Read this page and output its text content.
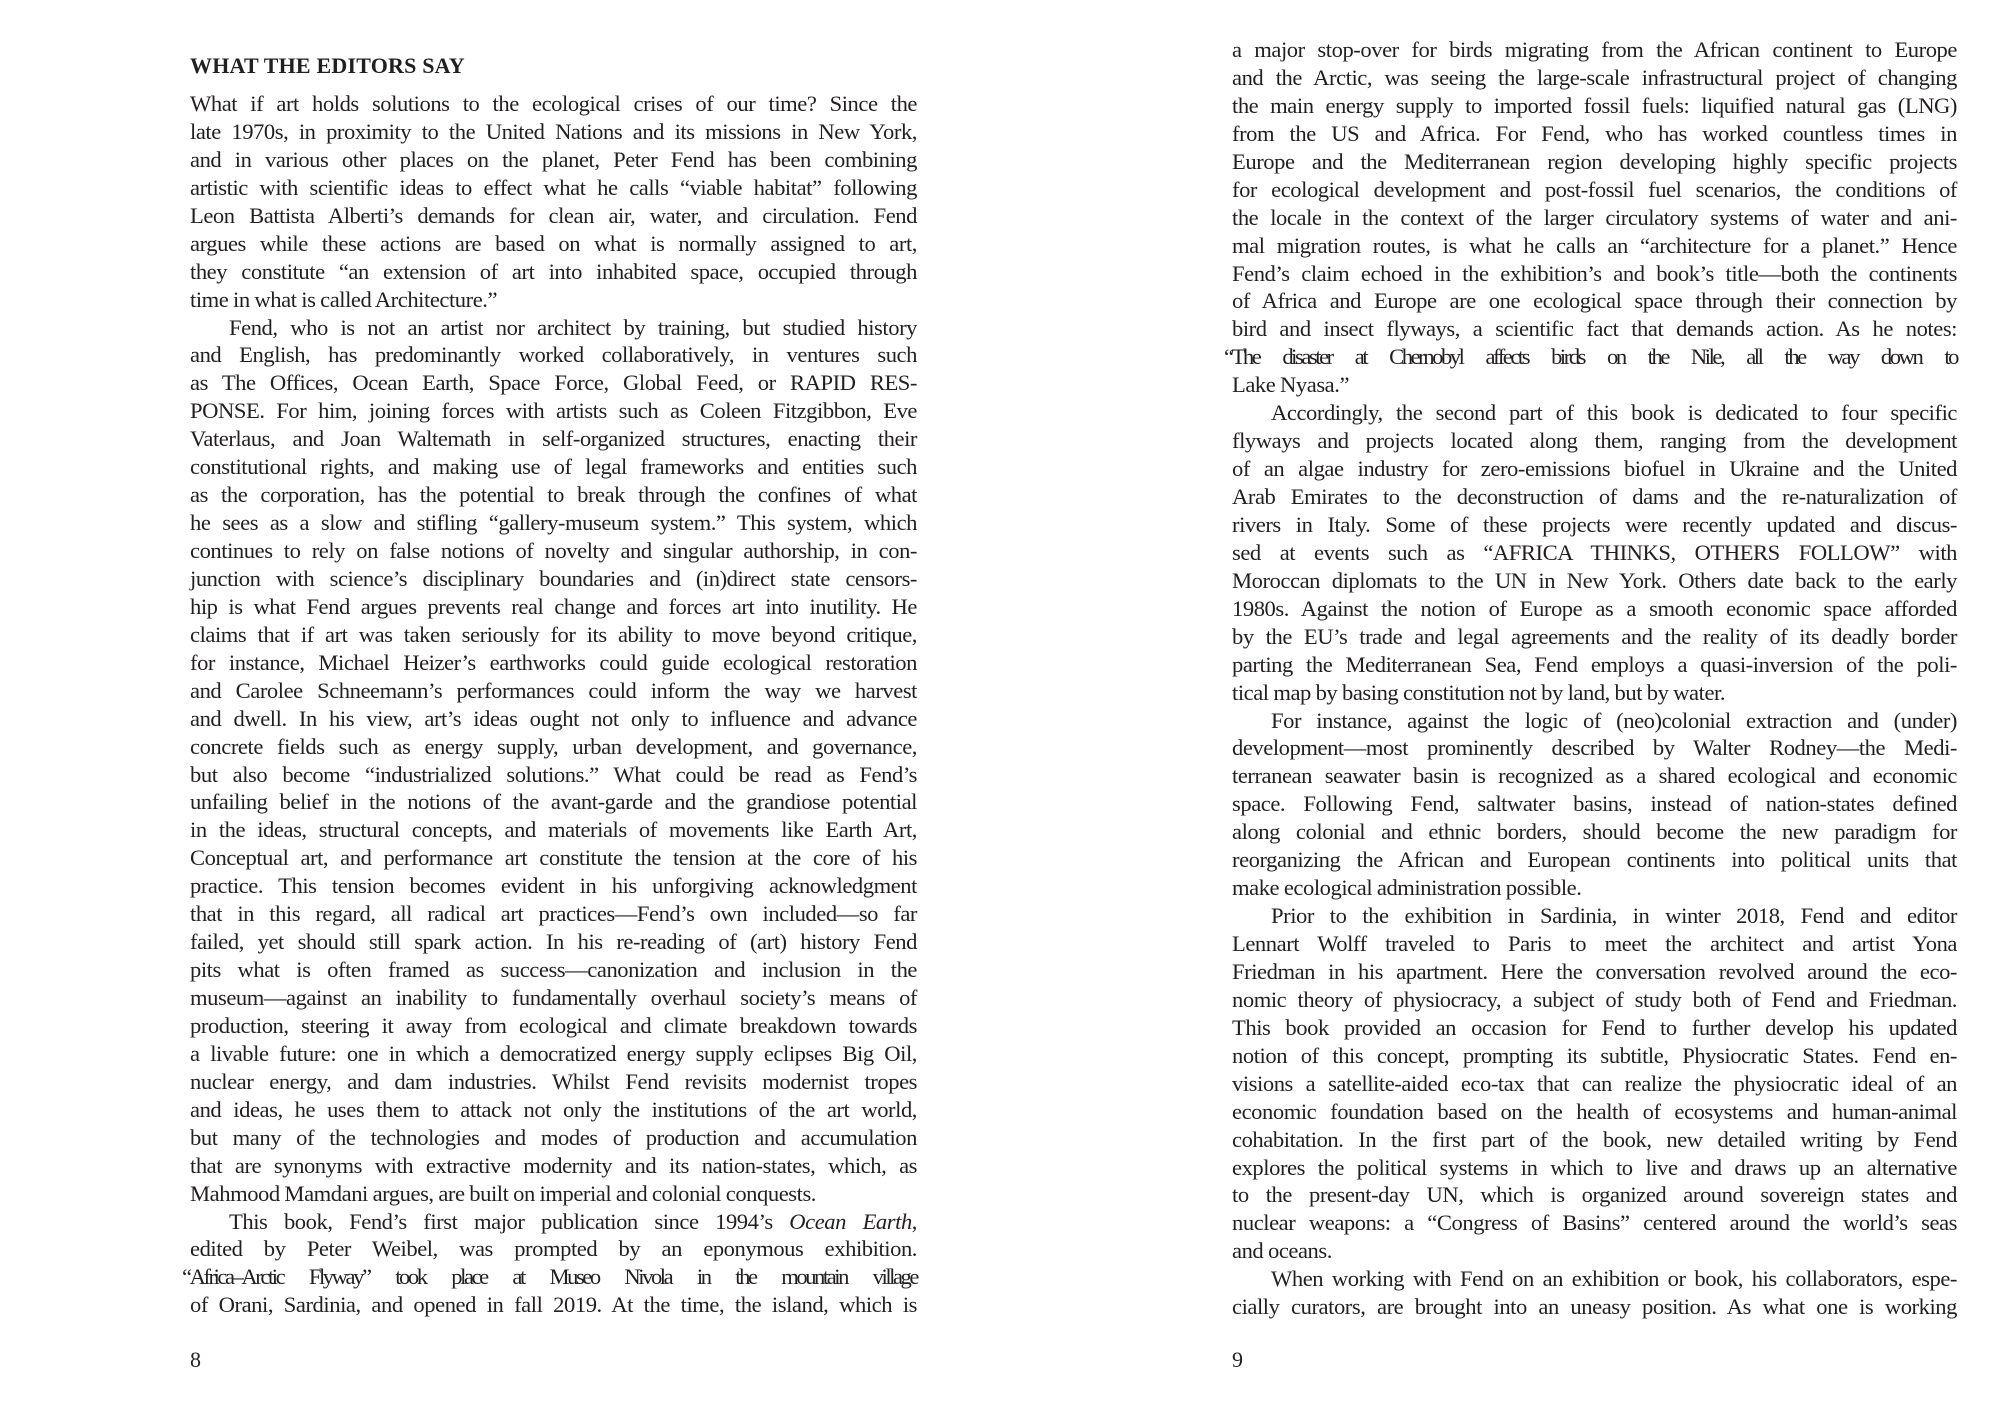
WHAT THE EDITORS SAY
What if art holds solutions to the ecological crises of our time? Since the
late 1970s, in proximity to the United Nations and its missions in New York,
and in various other places on the planet, Peter Fend has been combining
artistic with scientific ideas to effect what he calls “viable habitat” following
Leon Battista Alberti’s demands for clean air, water, and circulation. Fend
argues while these actions are based on what is normally assigned to art,
they constitute “an extension of art into inhabited space, occupied through
time in what is called Architecture.”
Fend, who is not an artist nor architect by training, but studied history
and English, has predominantly worked collaboratively, in ventures such
as The Offices, Ocean Earth, Space Force, Global Feed, or RAPID RES-
PONSE. For him, joining forces with artists such as Coleen Fitzgibbon, Eve
Vaterlaus, and Joan Waltemath in self-organized structures, enacting their
constitutional rights, and making use of legal frameworks and entities such
as the corporation, has the potential to break through the confines of what
he sees as a slow and stifling “gallery-museum system.” This system, which
continues to rely on false notions of novelty and singular authorship, in con-
junction with science’s disciplinary boundaries and (in)direct state censors-
hip is what Fend argues prevents real change and forces art into inutility. He
claims that if art was taken seriously for its ability to move beyond critique,
for instance, Michael Heizer’s earthworks could guide ecological restoration
and Carolee Schneemann’s performances could inform the way we harvest
and dwell. In his view, art’s ideas ought not only to influence and advance
concrete fields such as energy supply, urban development, and governance,
but also become “industrialized solutions.” What could be read as Fend’s
unfailing belief in the notions of the avant-garde and the grandiose potential
in the ideas, structural concepts, and materials of movements like Earth Art,
Conceptual art, and performance art constitute the tension at the core of his
practice. This tension becomes evident in his unforgiving acknowledgment
that in this regard, all radical art practices—Fend’s own included—so far
failed, yet should still spark action. In his re-reading of (art) history Fend
pits what is often framed as success—canonization and inclusion in the
museum—against an inability to fundamentally overhaul society’s means of
production, steering it away from ecological and climate breakdown towards
a livable future: one in which a democratized energy supply eclipses Big Oil,
nuclear energy, and dam industries. Whilst Fend revisits modernist tropes
and ideas, he uses them to attack not only the institutions of the art world,
but many of the technologies and modes of production and accumulation
that are synonyms with extractive modernity and its nation-states, which, as
Mahmood Mamdani argues, are built on imperial and colonial conquests.
This book, Fend’s first major publication since 1994’s Ocean Earth,
edited by Peter Weibel, was prompted by an eponymous exhibition.
“Africa–Arctic Flyway” took place at Museo Nivola in the mountain village
of Orani, Sardinia, and opened in fall 2019. At the time, the island, which is
8
a major stop-over for birds migrating from the African continent to Europe
and the Arctic, was seeing the large-scale infrastructural project of changing
the main energy supply to imported fossil fuels: liquified natural gas (LNG)
from the US and Africa. For Fend, who has worked countless times in
Europe and the Mediterranean region developing highly specific projects
for ecological development and post-fossil fuel scenarios, the conditions of
the locale in the context of the larger circulatory systems of water and ani-
mal migration routes, is what he calls an “architecture for a planet.” Hence
Fend’s claim echoed in the exhibition’s and book’s title—both the continents
of Africa and Europe are one ecological space through their connection by
bird and insect flyways, a scientific fact that demands action. As he notes:
“The disaster at Chernobyl affects birds on the Nile, all the way down to
Lake Nyasa.”
Accordingly, the second part of this book is dedicated to four specific
flyways and projects located along them, ranging from the development
of an algae industry for zero-emissions biofuel in Ukraine and the United
Arab Emirates to the deconstruction of dams and the re-naturalization of
rivers in Italy. Some of these projects were recently updated and discus-
sed at events such as “AFRICA THINKS, OTHERS FOLLOW” with
Moroccan diplomats to the UN in New York. Others date back to the early
1980s. Against the notion of Europe as a smooth economic space afforded
by the EU’s trade and legal agreements and the reality of its deadly border
parting the Mediterranean Sea, Fend employs a quasi-inversion of the poli-
tical map by basing constitution not by land, but by water.
For instance, against the logic of (neo)colonial extraction and (under)
development—most prominently described by Walter Rodney—the Medi-
terranean seawater basin is recognized as a shared ecological and economic
space. Following Fend, saltwater basins, instead of nation-states defined
along colonial and ethnic borders, should become the new paradigm for
reorganizing the African and European continents into political units that
make ecological administration possible.
Prior to the exhibition in Sardinia, in winter 2018, Fend and editor
Lennart Wolff traveled to Paris to meet the architect and artist Yona
Friedman in his apartment. Here the conversation revolved around the eco-
nomic theory of physiocracy, a subject of study both of Fend and Friedman.
This book provided an occasion for Fend to further develop his updated
notion of this concept, prompting its subtitle, Physiocratic States. Fend en-
visions a satellite-aided eco-tax that can realize the physiocratic ideal of an
economic foundation based on the health of ecosystems and human-animal
cohabitation. In the first part of the book, new detailed writing by Fend
explores the political systems in which to live and draws up an alternative
to the present-day UN, which is organized around sovereign states and
nuclear weapons: a “Congress of Basins” centered around the world’s seas
and oceans.
When working with Fend on an exhibition or book, his collaborators, espe-
cially curators, are brought into an uneasy position. As what one is working
9
